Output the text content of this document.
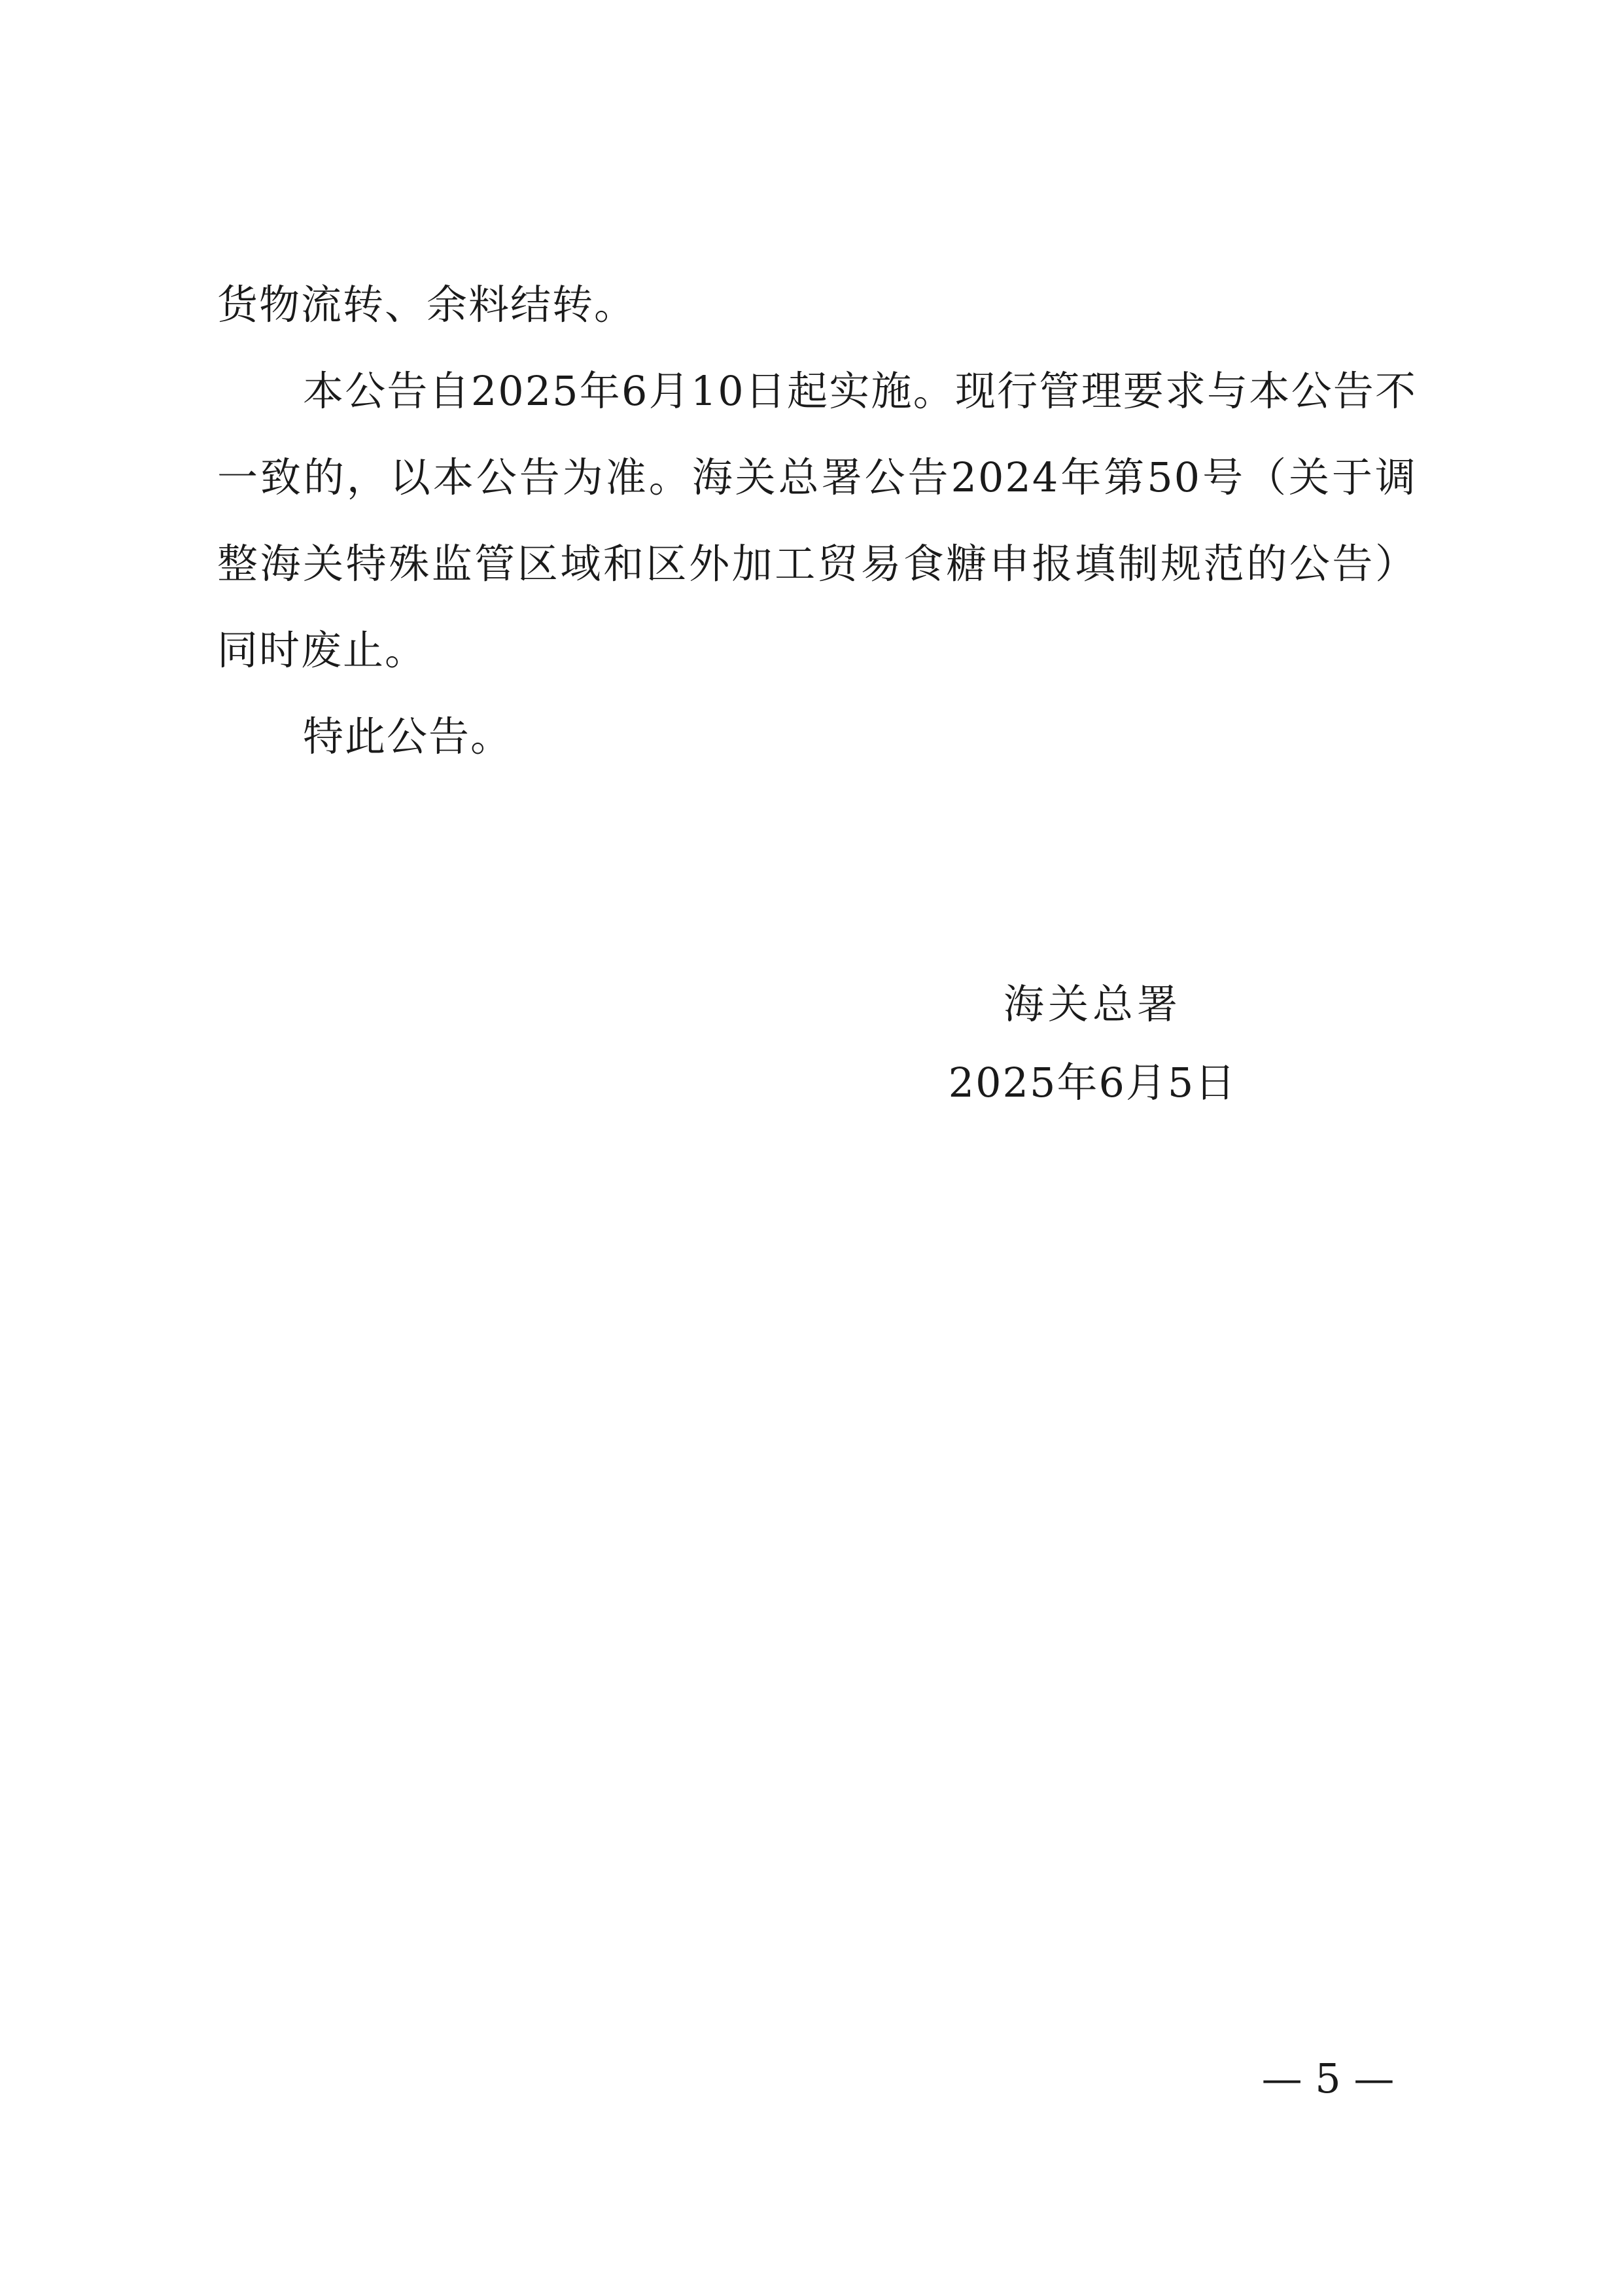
货物流转、余料结转。

本公告自2025年6月10日起实施。现行管理要求与本公告不一致的，以本公告为准。海关总署公告2024年第50号（关于调整海关特殊监管区域和区外加工贸易食糖申报填制规范的公告）同时废止。

特此公告。

海关总署
2025年6月5日
— 5 —
